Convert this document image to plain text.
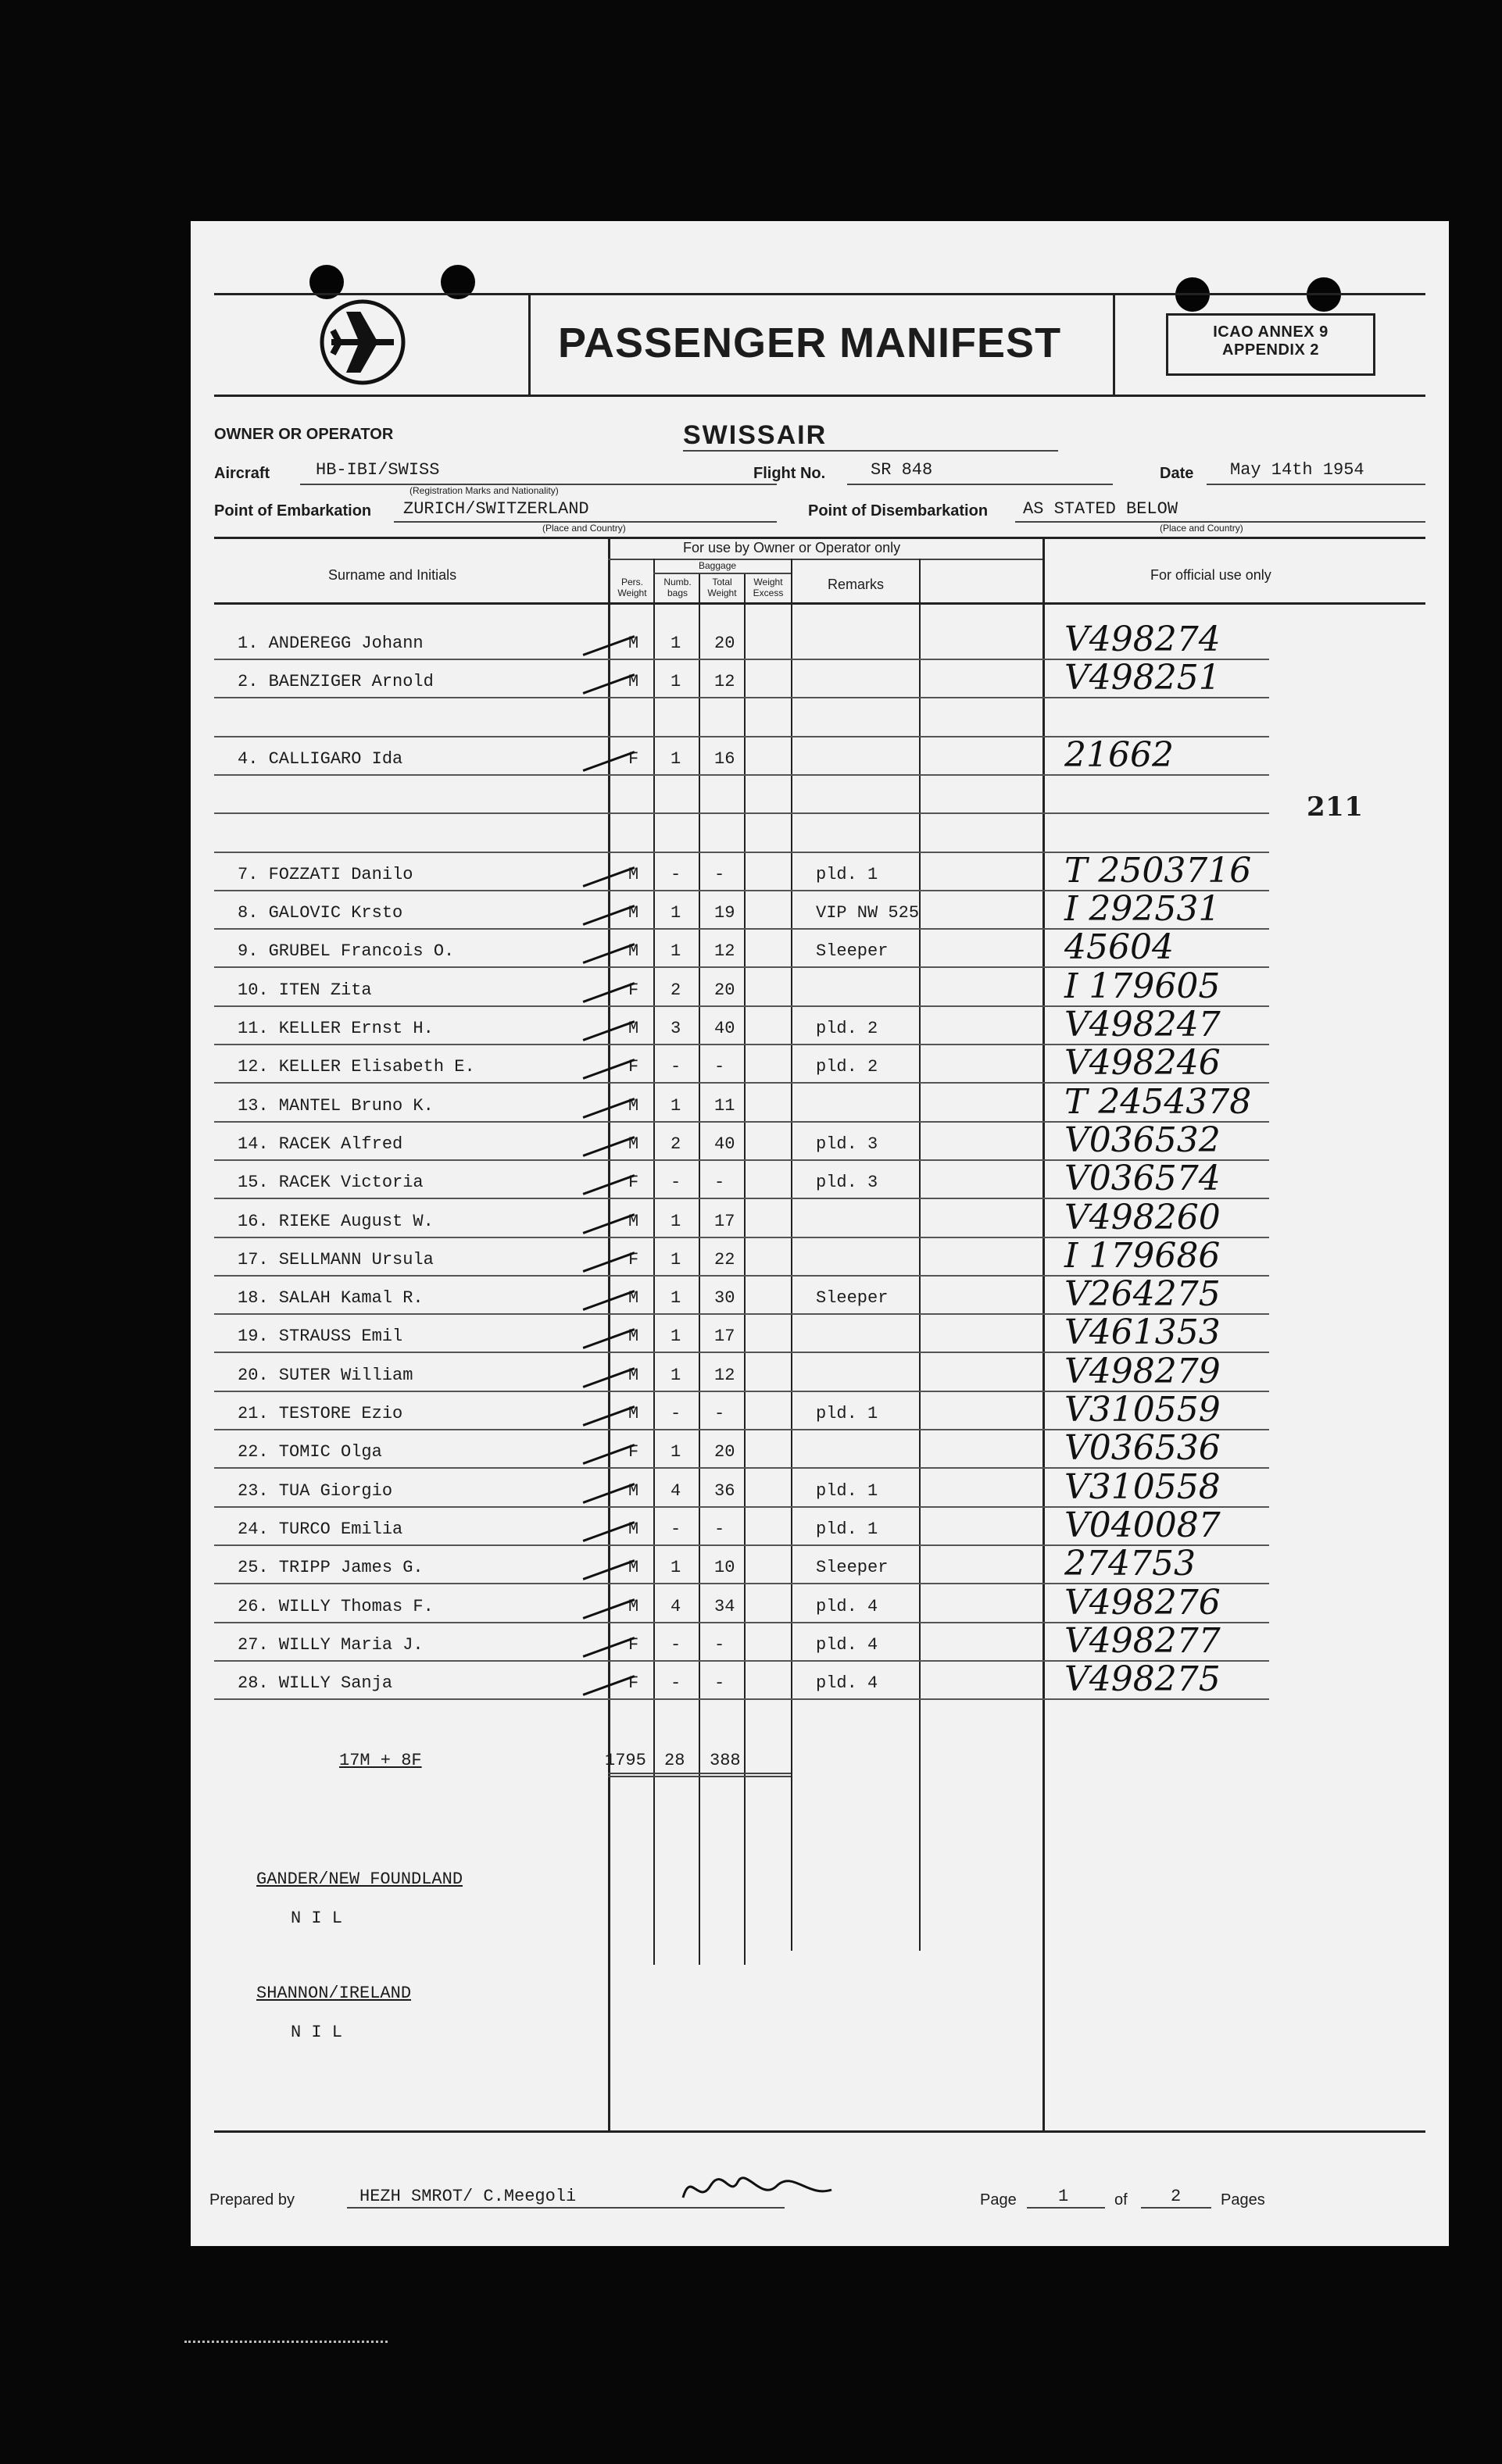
PASSENGER MANIFEST	ICAO ANNEX 9
APPENDIX 2
OWNER OR OPERATOR	SWISSAIR
Aircraft	HB-IBI/SWISS
(Registration Marks and Nationality)
Flight No.	SR 848	Date May 14th 1954
Point of Embarkation ZURICH/SWITZERLAND
(Place and Country)
Point of Disembarkation AS STATED BELOW
(Place and Country)
Surname and Initials
For use by Owner or Operator only
Pers. Weight
Baggage
Numb. bags
Total Weight
Weight Excess
Remarks
For official use only
211
1. ANDEREGG Johann	M 1 20	V498274
2. BAENZIGER Arnold	M 1 12	V498251
4. CALLIGARO Ida	F 1 16	21662
7. FOZZATI Danilo	M - -	pld. 1	T 2503716
8. GALOVIC Krsto	M 1 19	VIP NW 525	I 292531
9. GRUBEL Francois O.	M 1 12	Sleeper	45604
10. ITEN Zita	F 2 20	I 179605
11. KELLER Ernst H.	M 3 40	pld. 2	V498247
12. KELLER Elisabeth E.	F - -	pld. 2	V498246
13. MANTEL Bruno K.	M 1 11	T 2454378
14. RACEK Alfred	M 2 40	pld. 3	V036532
15. RACEK Victoria	F - -	pld. 3	V036574
16. RIEKE August W.	M 1 17	V498260
17. SELLMANN Ursula	F 1 22	I 179686
18. SALAH Kamal R.	M 1 30	Sleeper	V264275
19. STRAUSS Emil	M 1 17	V461353
20. SUTER William	M 1 12	V498279
21. TESTORE Ezio	M - -	pld. 1	V310559
22. TOMIC Olga	F 1 20	V036536
23. TUA Giorgio	M 4 36	pld. 1	V310558
24. TURCO Emilia	M - -	pld. 1	V040087
25. TRIPP James G.	M 1 10	Sleeper	274753
26. WILLY Thomas F.	M 4 34	pld. 4	V498276
27. WILLY Maria J.	F - -	pld. 4	V498277
28. WILLY Sanja	F - -	pld. 4	V498275
17M + 8F	1795 28 388
GANDER/NEW FOUNDLAND
N I L
SHANNON/IRELAND
N I L
Prepared by	HEZH SMROT/ C.Meegoli	Page 1	of	2	Pages
